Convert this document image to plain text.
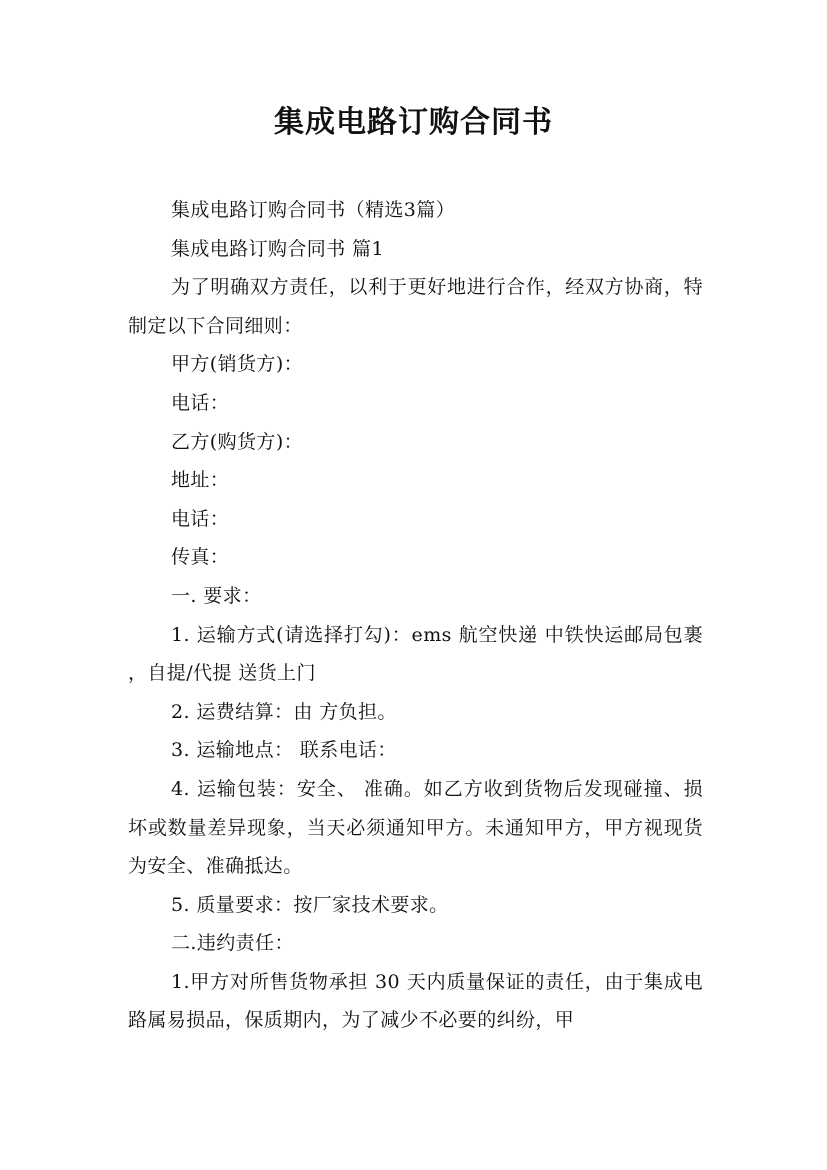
集成电路订购合同书

集成电路订购合同书（精选3篇）

集成电路订购合同书 篇1

为了明确双方责任，以利于更好地进行合作，经双方协商，特制定以下合同细则：

甲方(销货方)：

电话：

乙方(购货方)：

地址：

电话：

传真：

一. 要求：

1. 运输方式(请选择打勾)：ems 航空快递 中铁快运邮局包裹 ，自提/代提 送货上门

2. 运费结算：由 方负担。

3. 运输地点： 联系电话：

4. 运输包装：安全、 准确。如乙方收到货物后发现碰撞、损坏或数量差异现象，当天必须通知甲方。未通知甲方，甲方视现货为安全、准确抵达。

5. 质量要求：按厂家技术要求。

二.违约责任：

1.甲方对所售货物承担 30 天内质量保证的责任，由于集成电路属易损品，保质期内，为了减少不必要的纠纷，甲
